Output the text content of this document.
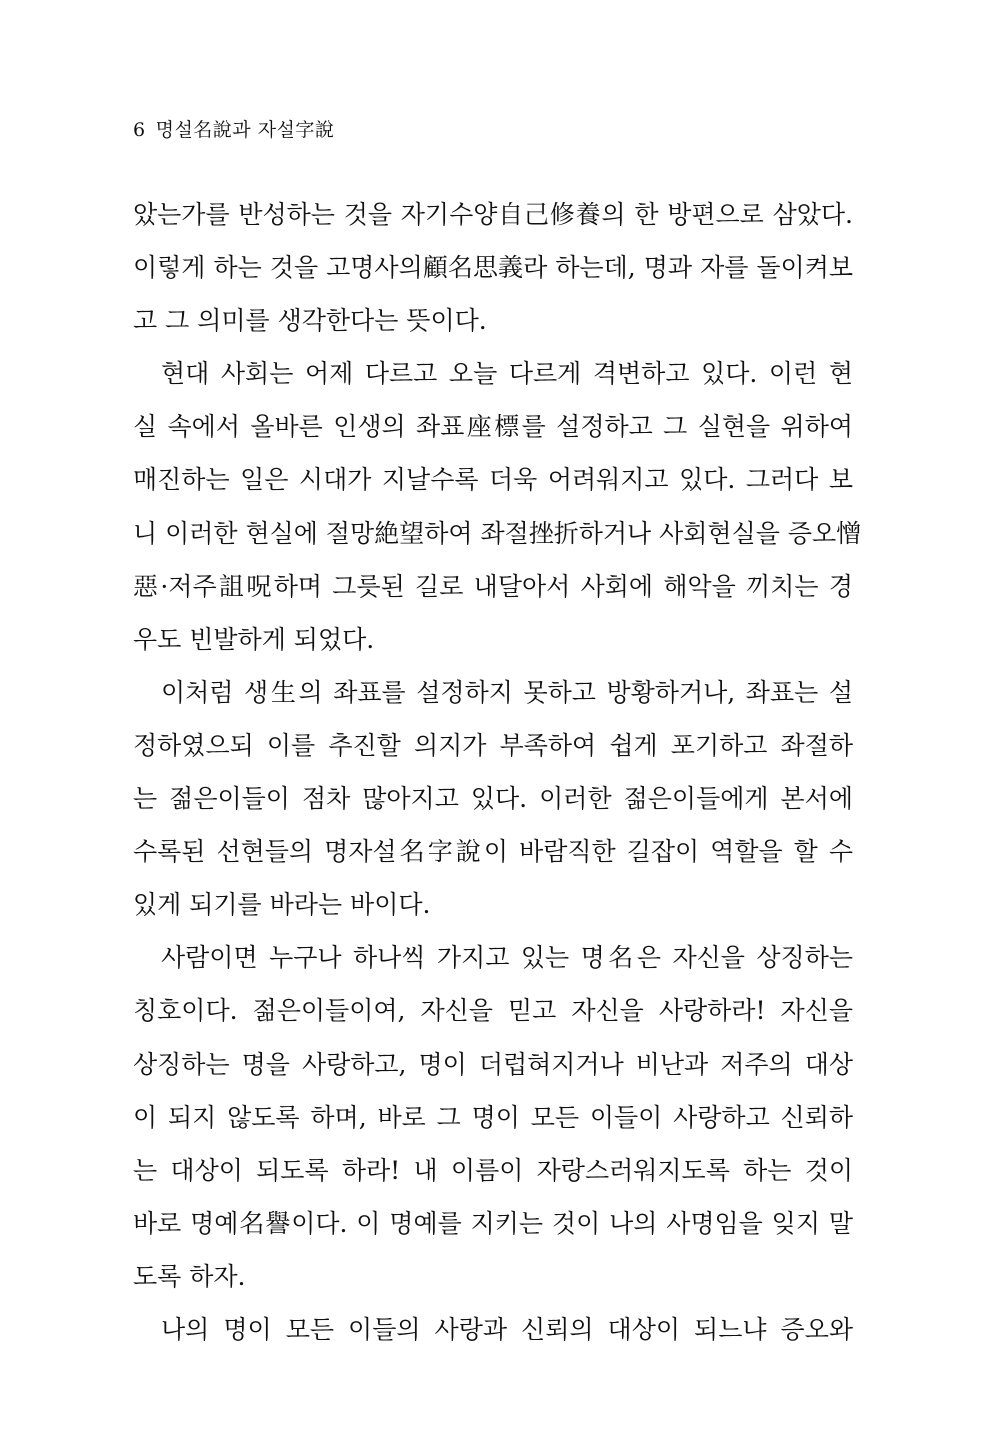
6 명설名說과 자설字說
았는가를 반성하는 것을 자기수양自己修養의 한 방편으로 삼았다.
이렇게 하는 것을 고명사의顧名思義라 하는데, 명과 자를 돌이켜보
고 그 의미를 생각한다는 뜻이다.
현대 사회는 어제 다르고 오늘 다르게 격변하고 있다. 이런 현
실 속에서 올바른 인생의 좌표座標를 설정하고 그 실현을 위하여
매진하는 일은 시대가 지날수록 더욱 어려워지고 있다. 그러다 보
니 이러한 현실에 절망絶望하여 좌절挫折하거나 사회현실을 증오憎
惡·저주詛呪하며 그릇된 길로 내달아서 사회에 해악을 끼치는 경
우도 빈발하게 되었다.
이처럼 생生의 좌표를 설정하지 못하고 방황하거나, 좌표는 설
정하였으되 이를 추진할 의지가 부족하여 쉽게 포기하고 좌절하
는 젊은이들이 점차 많아지고 있다. 이러한 젊은이들에게 본서에
수록된 선현들의 명자설名字說이 바람직한 길잡이 역할을 할 수
있게 되기를 바라는 바이다.
사람이면 누구나 하나씩 가지고 있는 명名은 자신을 상징하는
칭호이다. 젊은이들이여, 자신을 믿고 자신을 사랑하라! 자신을
상징하는 명을 사랑하고, 명이 더럽혀지거나 비난과 저주의 대상
이 되지 않도록 하며, 바로 그 명이 모든 이들이 사랑하고 신뢰하
는 대상이 되도록 하라! 내 이름이 자랑스러워지도록 하는 것이
바로 명예名譽이다. 이 명예를 지키는 것이 나의 사명임을 잊지 말
도록 하자.
나의 명이 모든 이들의 사랑과 신뢰의 대상이 되느냐 증오와
